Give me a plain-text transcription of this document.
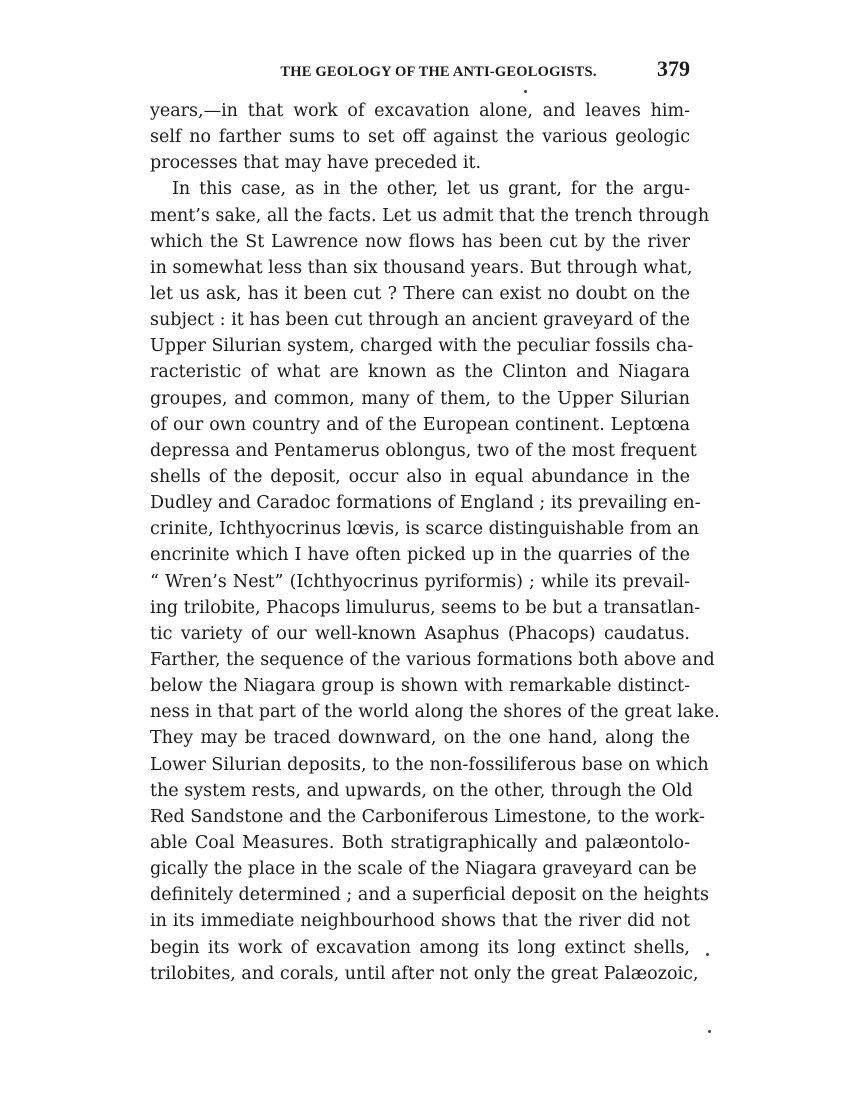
THE GEOLOGY OF THE ANTI-GEOLOGISTS.	379
years,—in that work of excavation alone, and leaves him-
self no farther sums to set off against the various geologic
processes that may have preceded it.
In this case, as in the other, let us grant, for the argu-
ment’s sake, all the facts. Let us admit that the trench through
which the St Lawrence now flows has been cut by the river
in somewhat less than six thousand years. But through what,
let us ask, has it been cut ? There can exist no doubt on the
subject : it has been cut through an ancient graveyard of the
Upper Silurian system, charged with the peculiar fossils cha-
racteristic of what are known as the Clinton and Niagara
groupes, and common, many of them, to the Upper Silurian
of our own country and of the European continent. Leptœna
depressa and Pentamerus oblongus, two of the most frequent
shells of the deposit, occur also in equal abundance in the
Dudley and Caradoc formations of England ; its prevailing en-
crinite, Ichthyocrinus lœvis, is scarce distinguishable from an
encrinite which I have often picked up in the quarries of the
“ Wren’s Nest” (Ichthyocrinus pyriformis) ; while its prevail-
ing trilobite, Phacops limulurus, seems to be but a transatlan-
tic variety of our well-known Asaphus (Phacops) caudatus.
Farther, the sequence of the various formations both above and
below the Niagara group is shown with remarkable distinct-
ness in that part of the world along the shores of the great lake.
They may be traced downward, on the one hand, along the
Lower Silurian deposits, to the non-fossiliferous base on which
the system rests, and upwards, on the other, through the Old
Red Sandstone and the Carboniferous Limestone, to the work-
able Coal Measures. Both stratigraphically and palæontolo-
gically the place in the scale of the Niagara graveyard can be
definitely determined ; and a superficial deposit on the heights
in its immediate neighbourhood shows that the river did not
begin its work of excavation among its long extinct shells,
trilobites, and corals, until after not only the great Palæozoic,
